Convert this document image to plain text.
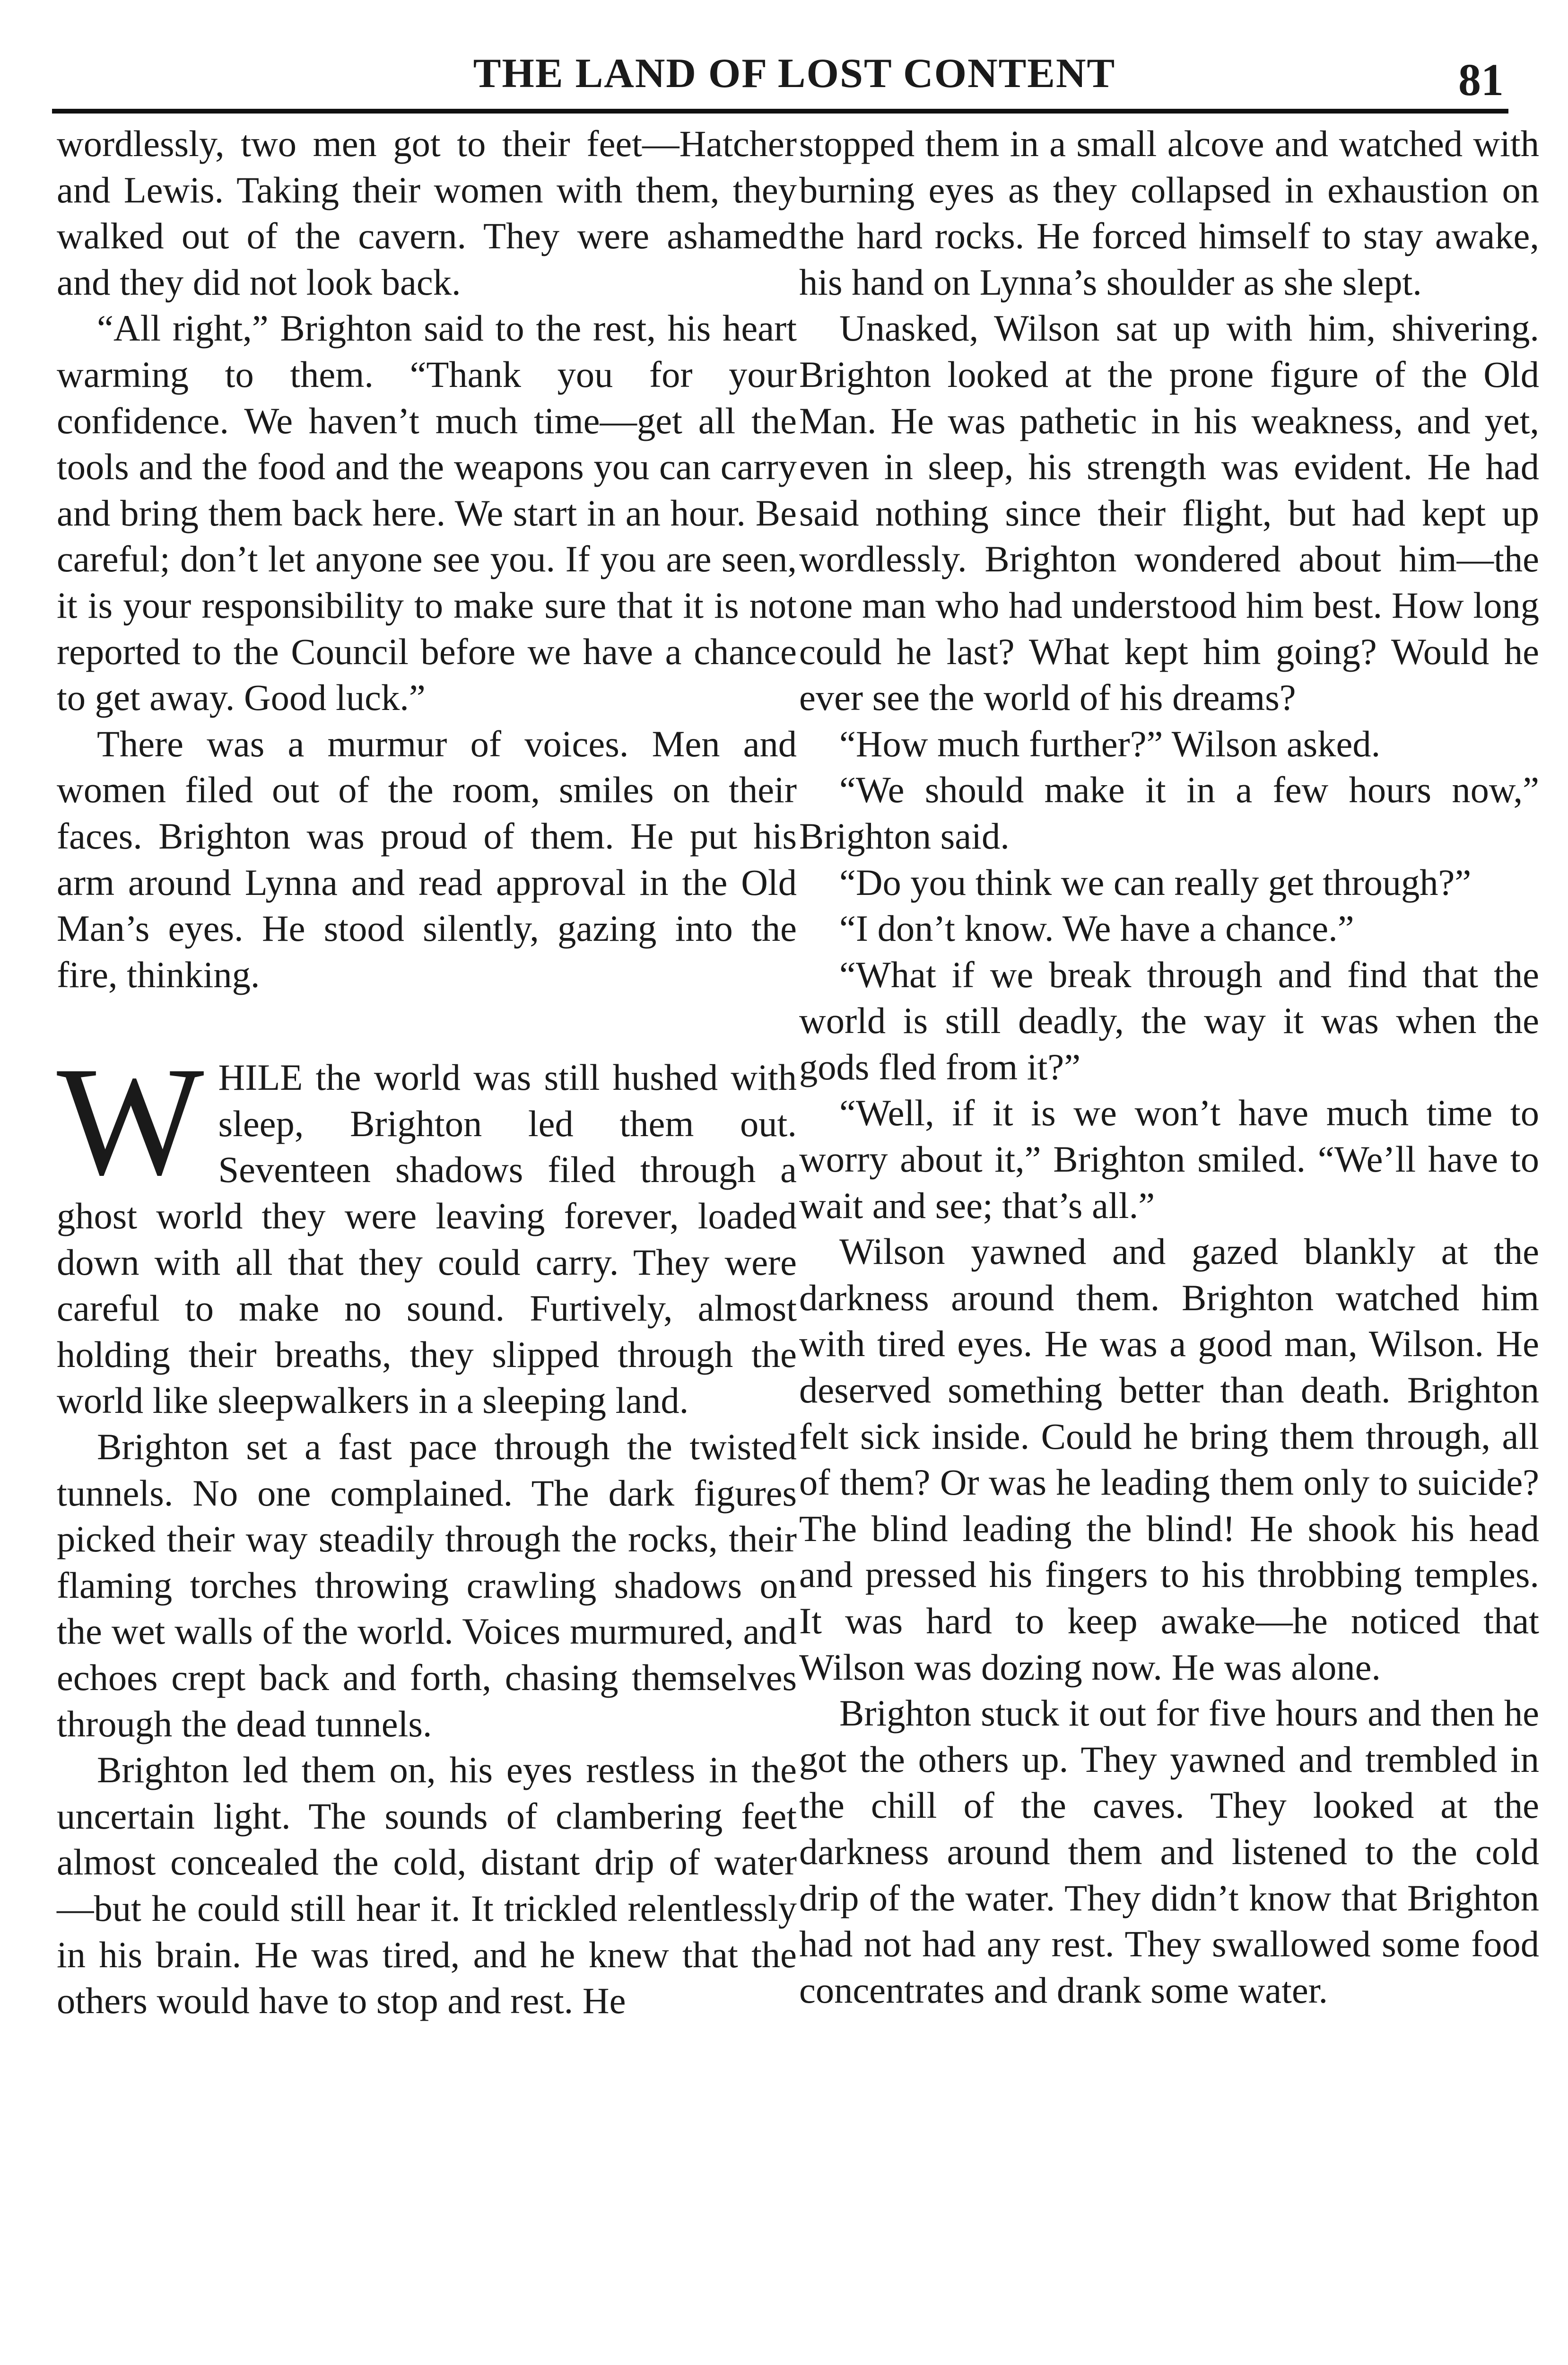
THE LAND OF LOST CONTENT	81

wordlessly, two men got to their feet—Hatcher and Lewis. Taking their women with them, they walked out of the cavern. They were ashamed and they did not look back.

“All right,” Brighton said to the rest, his heart warming to them. “Thank you for your confidence. We haven’t much time—get all the tools and the food and the weapons you can carry and bring them back here. We start in an hour. Be careful; don’t let anyone see you. If you are seen, it is your responsibility to make sure that it is not reported to the Council before we have a chance to get away. Good luck.”

There was a murmur of voices. Men and women filed out of the room, smiles on their faces. Brighton was proud of them. He put his arm around Lynna and read approval in the Old Man’s eyes. He stood silently, gazing into the fire, thinking.

WHILE the world was still hushed with sleep, Brighton led them out. Seventeen shadows filed through a ghost world they were leaving forever, loaded down with all that they could carry. They were careful to make no sound. Furtively, almost holding their breaths, they slipped through the world like sleepwalkers in a sleeping land.

Brighton set a fast pace through the twisted tunnels. No one complained. The dark figures picked their way steadily through the rocks, their flaming torches throwing crawling shadows on the wet walls of the world. Voices murmured, and echoes crept back and forth, chasing themselves through the dead tunnels.

Brighton led them on, his eyes restless in the uncertain light. The sounds of clambering feet almost concealed the cold, distant drip of water—but he could still hear it. It trickled relentlessly in his brain. He was tired, and he knew that the others would have to stop and rest. He

stopped them in a small alcove and watched with burning eyes as they collapsed in exhaustion on the hard rocks. He forced himself to stay awake, his hand on Lynna’s shoulder as she slept.

Unasked, Wilson sat up with him, shivering. Brighton looked at the prone figure of the Old Man. He was pathetic in his weakness, and yet, even in sleep, his strength was evident. He had said nothing since their flight, but had kept up wordlessly. Brighton wondered about him—the one man who had understood him best. How long could he last? What kept him going? Would he ever see the world of his dreams?

“How much further?” Wilson asked.

“We should make it in a few hours now,” Brighton said.

“Do you think we can really get through?”

“I don’t know. We have a chance.”

“What if we break through and find that the world is still deadly, the way it was when the gods fled from it?”

“Well, if it is we won’t have much time to worry about it,” Brighton smiled. “We’ll have to wait and see; that’s all.”

Wilson yawned and gazed blankly at the darkness around them. Brighton watched him with tired eyes. He was a good man, Wilson. He deserved something better than death. Brighton felt sick inside. Could he bring them through, all of them? Or was he leading them only to suicide? The blind leading the blind! He shook his head and pressed his fingers to his throbbing temples. It was hard to keep awake—he noticed that Wilson was dozing now. He was alone.

Brighton stuck it out for five hours and then he got the others up. They yawned and trembled in the chill of the caves. They looked at the darkness around them and listened to the cold drip of the water. They didn’t know that Brighton had not had any rest. They swallowed some food concentrates and drank some water.
